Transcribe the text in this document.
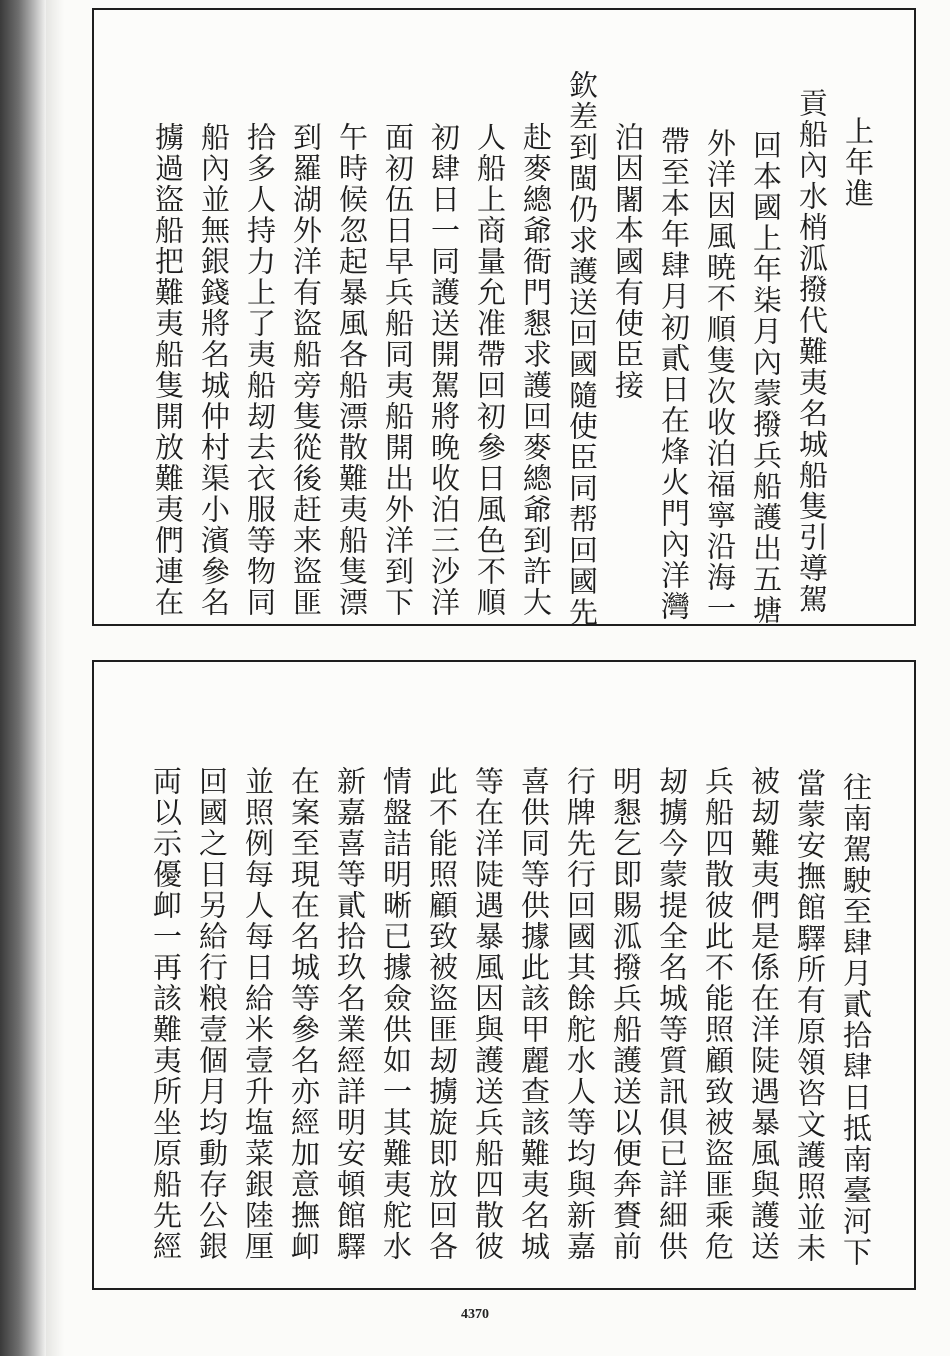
上年進
貢船內水梢泒撥代難夷名城船隻引導駕
回本國上年柒月內蒙撥兵船護出五塘
外洋因風暁不順隻次收泊福寧沿海一
帶至本年肆月初貳日在烽火門內洋灣
泊因闍本國有使臣接
欽差到閩仍求護送回國隨使臣同帮回國先
赴麥總爺衙門懇求護回麥總爺到許大
人船上商量允准帶回初參日風色不順
初肆日一同護送開駕將晚收泊三沙洋
面初伍日早兵船同夷船開出外洋到下
午時候忽起暴風各船漂散難夷船隻漂
到羅湖外洋有盜船旁隻從後赶来盜匪
拾多人持力上了夷船刼去衣服等物同
船內並無銀錢將名城仲村渠小濱參名
擄過盜船把難夷船隻開放難夷們連在
往南駕駛至肆月貳拾肆日抵南臺河下
當蒙安撫館驛所有原領咨文護照並未
被刼難夷們是係在洋陡遇暴風與護送
兵船四散彼此不能照顧致被盜匪乘危
刼擄今蒙提全名城等質訊俱已詳細供
明懇乞即賜泒撥兵船護送以便奔賚前
行牌先行回國其餘舵水人等均與新嘉
喜供同等供據此該甲麗查該難夷名城
等在洋陡遇暴風因與護送兵船四散彼
此不能照顧致被盜匪刼擄旋即放回各
情盤詰明晰已據僉供如一其難夷舵水
新嘉喜等貳拾玖名業經詳明安頓館驛
在案至現在名城等參名亦經加意撫卹
並照例每人每日給米壹升塩菜銀陸厘
回國之日另給行粮壹個月均動存公銀
両以示優卹一再該難夷所坐原船先經
4370
